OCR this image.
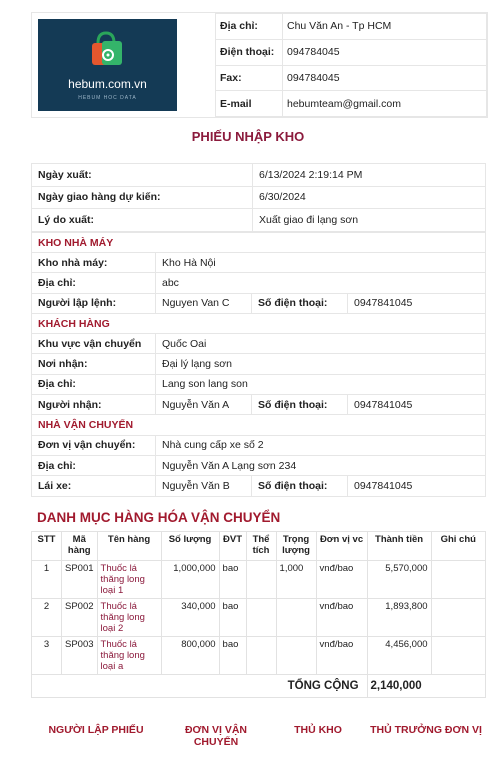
hebum.com.vn
HEBUM HOC DATA
Địa chỉ:	Chu Văn An - Tp HCM
Điện thoại:	094784045
Fax:	094784045
E-mail	hebumteam@gmail.com
PHIẾU NHẬP KHO
Ngày xuất:	6/13/2024 2:19:14 PM
Ngày giao hàng dự kiến:	6/30/2024
Lý do xuất:	Xuất giao đi lạng sơn
KHO NHÀ MÁY			
Kho nhà máy:	Kho Hà Nội		
Địa chỉ:	abc		
Người lập lệnh:	Nguyen Van C	Số điện thoại:	0947841045
KHÁCH HÀNG			
Khu vực vận chuyển	Quốc Oai		
Nơi nhận:	Đại lý lạng sơn		
Địa chỉ:	Lang son lang son		
Người nhận:	Nguyễn Văn A	Số điện thoại:	0947841045
NHÀ VẬN CHUYỂN			
Đơn vị vận chuyển:	Nhà cung cấp xe số 2		
Địa chỉ:	Nguyễn Văn A Lạng sơn 234		
Lái xe:	Nguyễn Văn B	Số điện thoại:	0947841045
DANH MỤC HÀNG HÓA VẬN CHUYỂN
STT	Mã hàng	Tên hàng	Số lượng	ĐVT	Thể tích	Trọng lượng	Đơn vị vc	Thành tiền	Ghi chú
1	SP001	Thuốc lá thăng long loại 1	1,000,000	bao		1,000	vnđ/bao	5,570,000	
2	SP002	Thuốc lá thăng long loại 2	340,000	bao			vnđ/bao	1,893,800	
3	SP003	Thuốc lá thăng long loại a	800,000	bao			vnđ/bao	4,456,000	
TỔNG CỘNG								2,140,000	
NGƯỜI LẬP PHIẾU	ĐƠN VỊ VẬN CHUYỂN
THỦ KHO	THỦ TRƯỞNG ĐƠN VỊ
